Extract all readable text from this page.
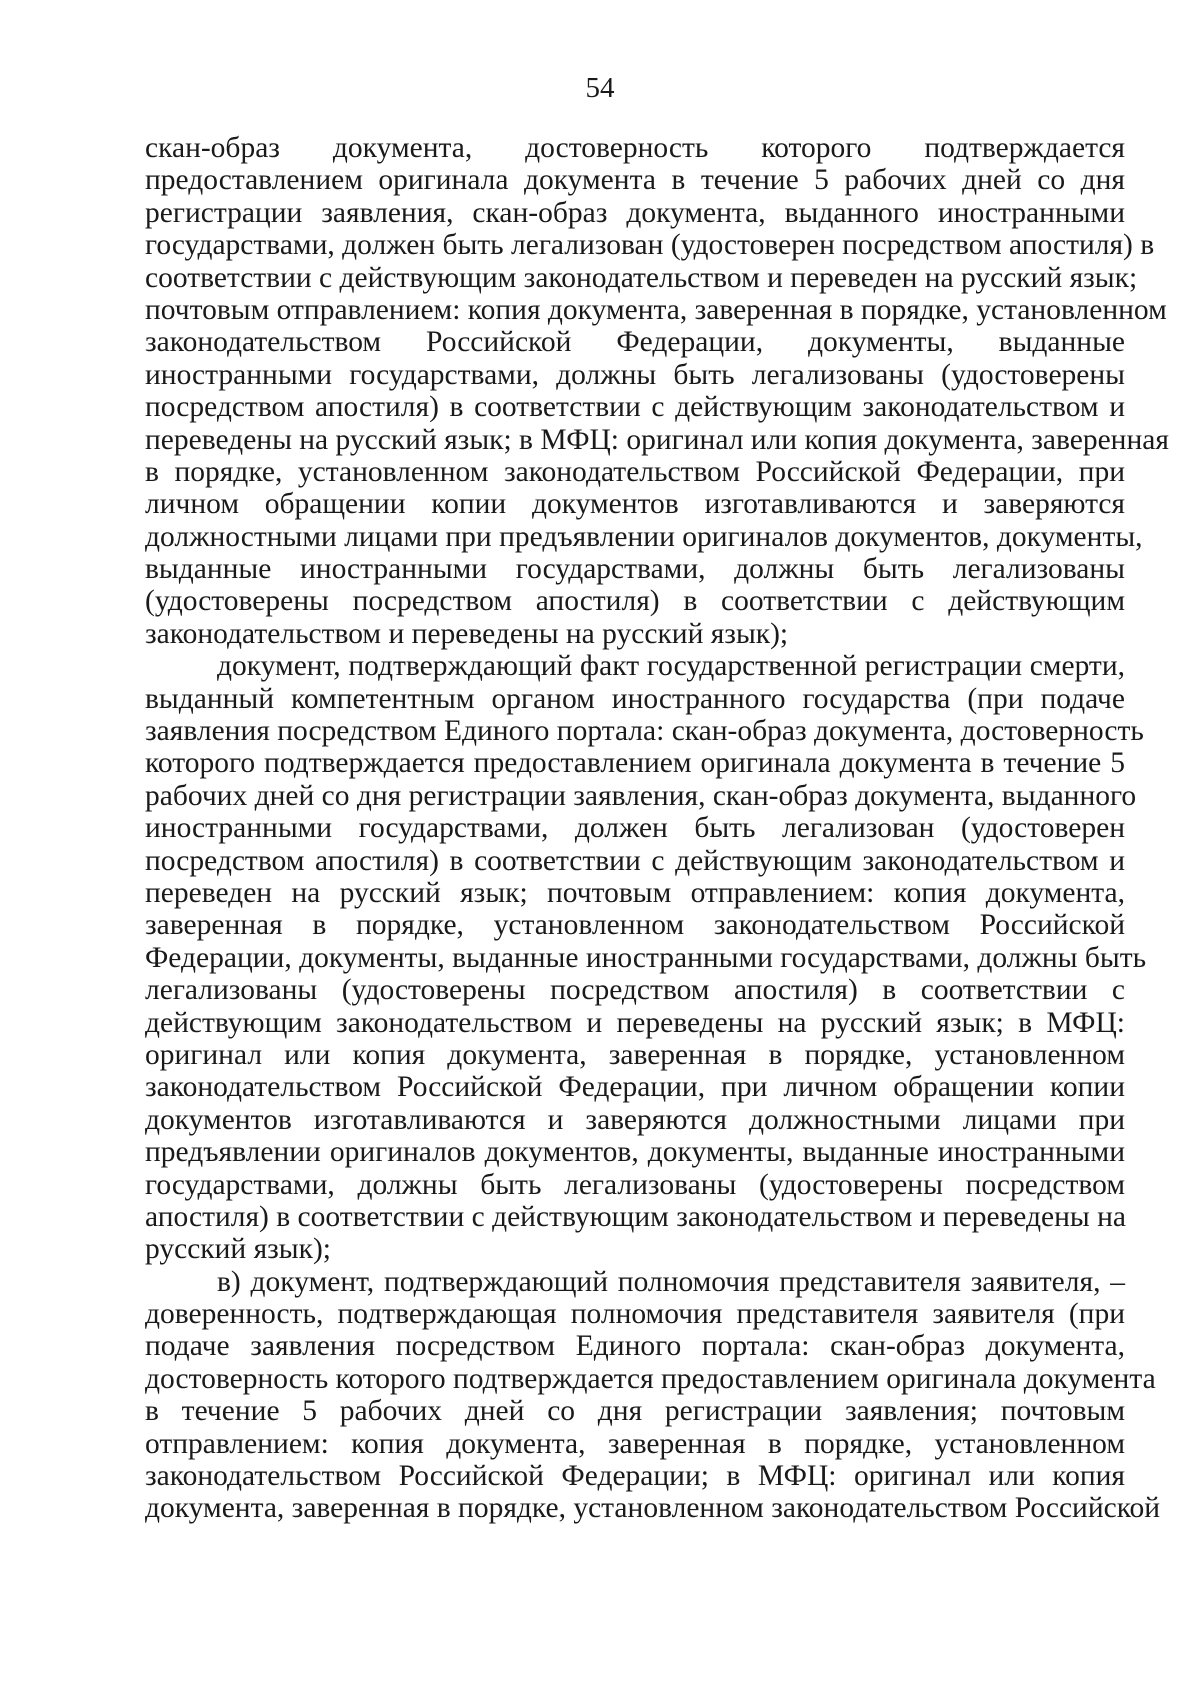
54
скан-образ документа, достоверность которого подтверждается
предоставлением оригинала документа в течение 5 рабочих дней со дня
регистрации заявления, скан-образ документа, выданного иностранными
государствами, должен быть легализован (удостоверен посредством апостиля) в
соответствии с действующим законодательством и переведен на русский язык;
почтовым отправлением: копия документа, заверенная в порядке, установленном
законодательством Российской Федерации, документы, выданные
иностранными государствами, должны быть легализованы (удостоверены
посредством апостиля) в соответствии с действующим законодательством и
переведены на русский язык; в МФЦ: оригинал или копия документа, заверенная
в порядке, установленном законодательством Российской Федерации, при
личном обращении копии документов изготавливаются и заверяются
должностными лицами при предъявлении оригиналов документов, документы,
выданные иностранными государствами, должны быть легализованы
(удостоверены посредством апостиля) в соответствии с действующим
законодательством и переведены на русский язык);
документ, подтверждающий факт государственной регистрации смерти,
выданный компетентным органом иностранного государства (при подаче
заявления посредством Единого портала: скан-образ документа, достоверность
которого подтверждается предоставлением оригинала документа в течение 5
рабочих дней со дня регистрации заявления, скан-образ документа, выданного
иностранными государствами, должен быть легализован (удостоверен
посредством апостиля) в соответствии с действующим законодательством и
переведен на русский язык; почтовым отправлением: копия документа,
заверенная в порядке, установленном законодательством Российской
Федерации, документы, выданные иностранными государствами, должны быть
легализованы (удостоверены посредством апостиля) в соответствии с
действующим законодательством и переведены на русский язык; в МФЦ:
оригинал или копия документа, заверенная в порядке, установленном
законодательством Российской Федерации, при личном обращении копии
документов изготавливаются и заверяются должностными лицами при
предъявлении оригиналов документов, документы, выданные иностранными
государствами, должны быть легализованы (удостоверены посредством
апостиля) в соответствии с действующим законодательством и переведены на
русский язык);
в) документ, подтверждающий полномочия представителя заявителя, –
доверенность, подтверждающая полномочия представителя заявителя (при
подаче заявления посредством Единого портала: скан-образ документа,
достоверность которого подтверждается предоставлением оригинала документа
в течение 5 рабочих дней со дня регистрации заявления; почтовым
отправлением: копия документа, заверенная в порядке, установленном
законодательством Российской Федерации; в МФЦ: оригинал или копия
документа, заверенная в порядке, установленном законодательством Российской
